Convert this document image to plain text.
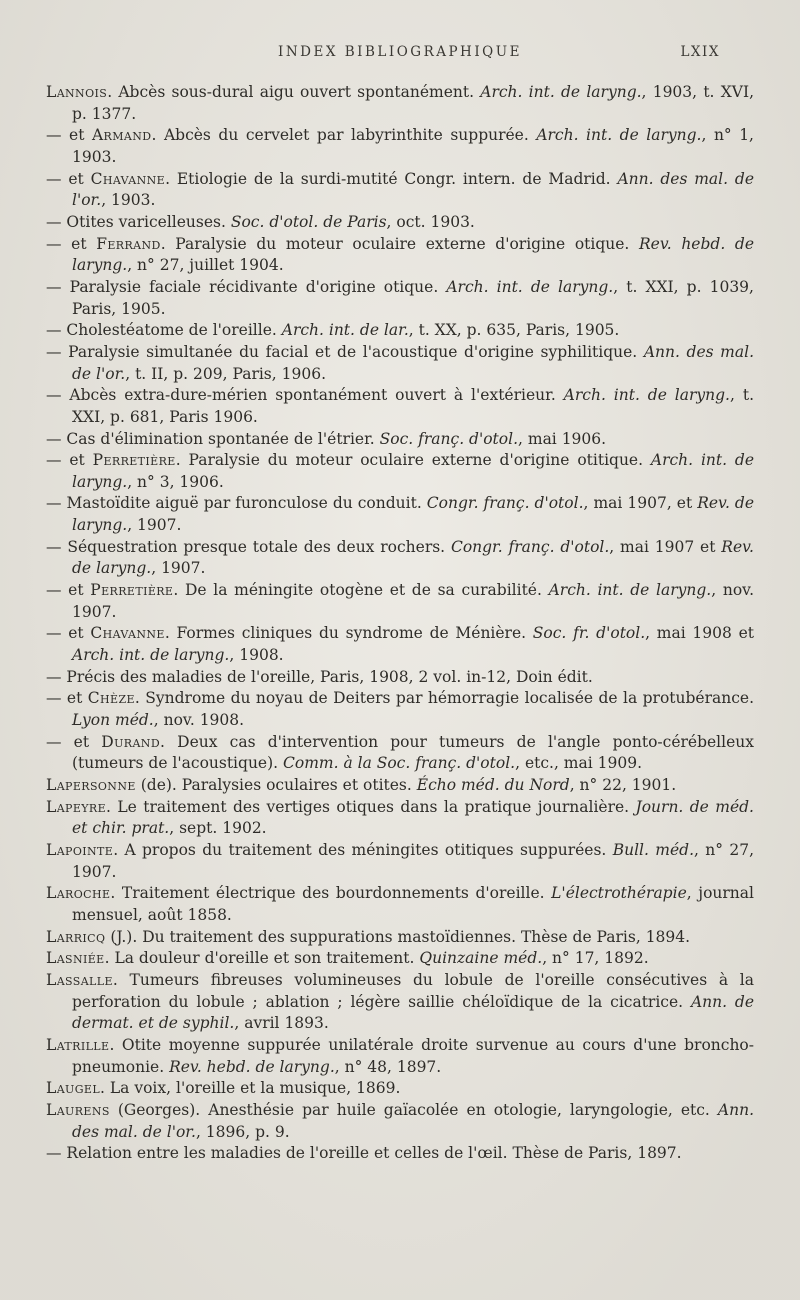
INDEX BIBLIOGRAPHIQUE	LXIX

Lannois. Abcès sous-dural aigu ouvert spontanément. Arch. int. de laryng., 1903, t. XVI, p. 1377.

— et Armand. Abcès du cervelet par labyrinthite suppurée. Arch. int. de laryng., n° 1, 1903.

— et Chavanne. Etiologie de la surdi-mutité Congr. intern. de Madrid. Ann. des mal. de l'or., 1903.

— Otites varicelleuses. Soc. d'otol. de Paris, oct. 1903.

— et Ferrand. Paralysie du moteur oculaire externe d'origine otique. Rev. hebd. de laryng., n° 27, juillet 1904.

— Paralysie faciale récidivante d'origine otique. Arch. int. de laryng., t. XXI, p. 1039, Paris, 1905.

— Cholestéatome de l'oreille. Arch. int. de lar., t. XX, p. 635, Paris, 1905.

— Paralysie simultanée du facial et de l'acoustique d'origine syphilitique. Ann. des mal. de l'or., t. II, p. 209, Paris, 1906.

— Abcès extra-dure-mérien spontanément ouvert à l'extérieur. Arch. int. de laryng., t. XXI, p. 681, Paris 1906.

— Cas d'élimination spontanée de l'étrier. Soc. franç. d'otol., mai 1906.

— et Perretière. Paralysie du moteur oculaire externe d'origine otitique. Arch. int. de laryng., n° 3, 1906.

— Mastoïdite aiguë par furonculose du conduit. Congr. franç. d'otol., mai 1907, et Rev. de laryng., 1907.

— Séquestration presque totale des deux rochers. Congr. franç. d'otol., mai 1907 et Rev. de laryng., 1907.

— et Perretière. De la méningite otogène et de sa curabilité. Arch. int. de laryng., nov. 1907.

— et Chavanne. Formes cliniques du syndrome de Ménière. Soc. fr. d'otol., mai 1908 et Arch. int. de laryng., 1908.

— Précis des maladies de l'oreille, Paris, 1908, 2 vol. in-12, Doin édit.

— et Chèze. Syndrome du noyau de Deiters par hémorragie localisée de la protubérance. Lyon méd., nov. 1908.

— et Durand. Deux cas d'intervention pour tumeurs de l'angle ponto-cérébelleux (tumeurs de l'acoustique). Comm. à la Soc. franç. d'otol., etc., mai 1909.

Lapersonne (de). Paralysies oculaires et otites. Écho méd. du Nord, n° 22, 1901.

Lapeyre. Le traitement des vertiges otiques dans la pratique journalière. Journ. de méd. et chir. prat., sept. 1902.

Lapointe. A propos du traitement des méningites otitiques suppurées. Bull. méd., n° 27, 1907.

Laroche. Traitement électrique des bourdonnements d'oreille. L'électrothérapie, journal mensuel, août 1858.

Larricq (J.). Du traitement des suppurations mastoïdiennes. Thèse de Paris, 1894.

Lasniée. La douleur d'oreille et son traitement. Quinzaine méd., n° 17, 1892.

Lassalle. Tumeurs fibreuses volumineuses du lobule de l'oreille consécutives à la perforation du lobule ; ablation ; légère saillie chéloïdique de la cicatrice. Ann. de dermat. et de syphil., avril 1893.

Latrille. Otite moyenne suppurée unilatérale droite survenue au cours d'une broncho-pneumonie. Rev. hebd. de laryng., n° 48, 1897.

Laugel. La voix, l'oreille et la musique, 1869.

Laurens (Georges). Anesthésie par huile gaïacolée en otologie, laryngologie, etc. Ann. des mal. de l'or., 1896, p. 9.

— Relation entre les maladies de l'oreille et celles de l'œil. Thèse de Paris, 1897.
